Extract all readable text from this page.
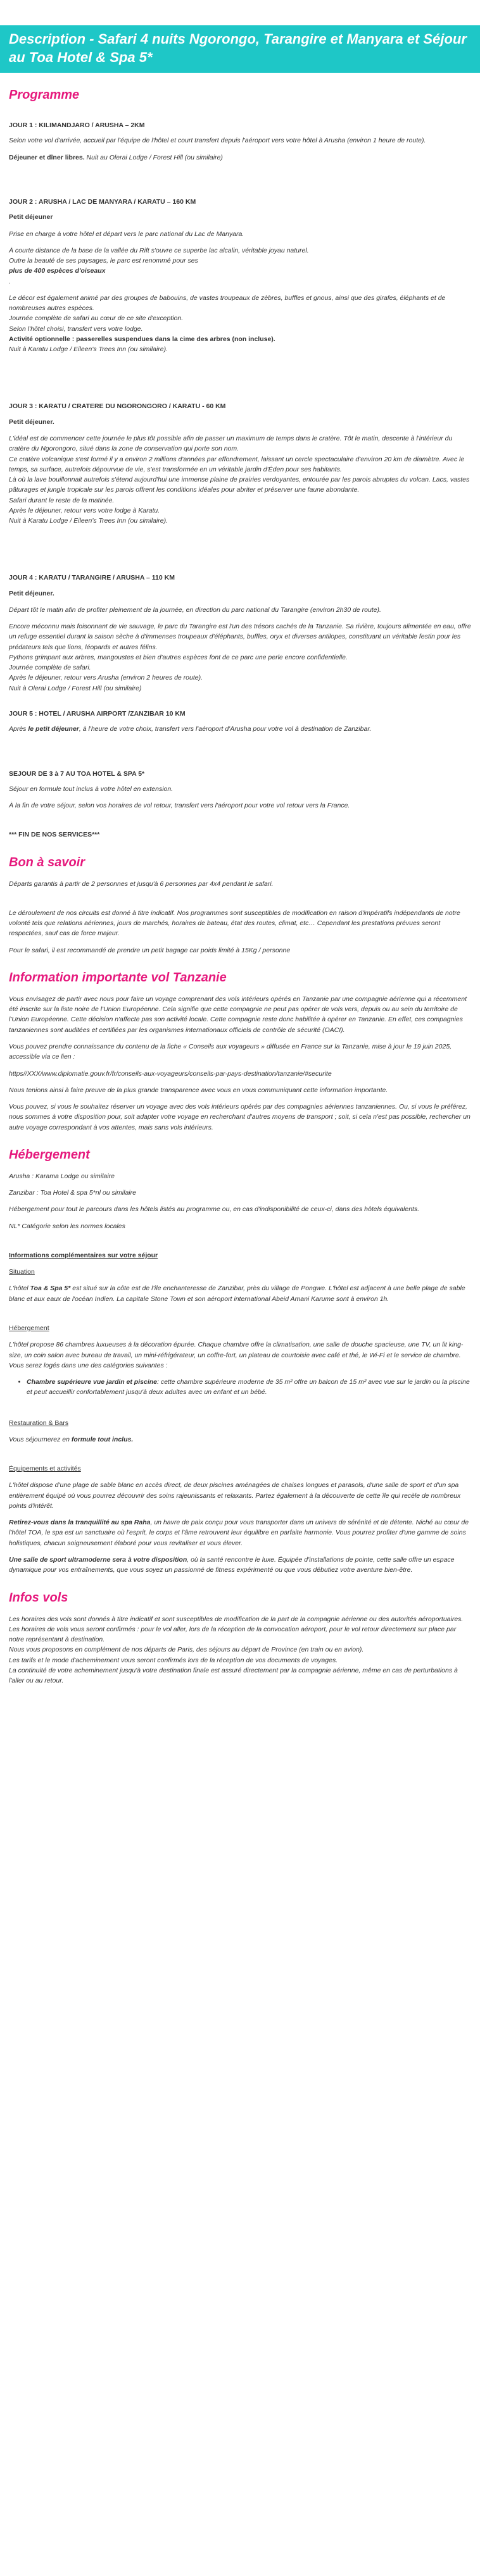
Description - Safari 4 nuits Ngorongo, Tarangire et Manyara et Séjour au Toa Hotel & Spa 5*
Programme

JOUR 1 : KILIMANDJARO / ARUSHA – 2KM

Selon votre vol d'arrivée, accueil par l'équipe de l'hôtel et court transfert depuis l'aéroport vers votre hôtel à Arusha (environ 1 heure de route).

Déjeuner et dîner libres. Nuit au Olerai Lodge / Forest Hill (ou similaire)

JOUR 2 : ARUSHA / LAC DE MANYARA / KARATU – 160 KM

Petit déjeuner

Prise en charge à votre hôtel et départ vers le parc national du Lac de Manyara.

À courte distance de la base de la vallée du Rift s'ouvre ce superbe lac alcalin, véritable joyau naturel.
Outre la beauté de ses paysages, le parc est renommé pour ses
plus de 400 espèces d'oiseaux
.
Le décor est également animé par des groupes de babouins, de vastes troupeaux de zèbres, buffles et gnous, ainsi que des girafes, éléphants et de nombreuses autres espèces.
Journée complète de safari au cœur de ce site d'exception.
Selon l'hôtel choisi, transfert vers votre lodge.
Activité optionnelle : passerelles suspendues dans la cime des arbres (non incluse).
Nuit à Karatu Lodge / Eileen's Trees Inn (ou similaire).

JOUR 3 : KARATU / CRATERE DU NGORONGORO / KARATU - 60 KM

Petit déjeuner.

L'idéal est de commencer cette journée le plus tôt possible afin de passer un maximum de temps dans le cratère. Tôt le matin, descente à l'intérieur du cratère du Ngorongoro, situé dans la zone de conservation qui porte son nom.
Ce cratère volcanique s'est formé il y a environ 2 millions d'années par effondrement, laissant un cercle spectaculaire d'environ 20 km de diamètre. Avec le temps, sa surface, autrefois dépourvue de vie, s'est transformée en un véritable jardin d'Éden pour ses habitants.
Là où la lave bouillonnait autrefois s'étend aujourd'hui une immense plaine de prairies verdoyantes, entourée par les parois abruptes du volcan. Lacs, vastes pâturages et jungle tropicale sur les parois offrent les conditions idéales pour abriter et préserver une faune abondante.
Safari durant le reste de la matinée.
Après le déjeuner, retour vers votre lodge à Karatu.
Nuit à Karatu Lodge / Eileen's Trees Inn (ou similaire).

JOUR 4 : KARATU / TARANGIRE / ARUSHA – 110 KM

Petit déjeuner.

Départ tôt le matin afin de profiter pleinement de la journée, en direction du parc national du Tarangire (environ 2h30 de route).

Encore méconnu mais foisonnant de vie sauvage, le parc du Tarangire est l'un des trésors cachés de la Tanzanie. Sa rivière, toujours alimentée en eau, offre un refuge essentiel durant la saison sèche à d'immenses troupeaux d'éléphants, buffles, oryx et diverses antilopes, constituant un véritable festin pour les prédateurs tels que lions, léopards et autres félins.
Pythons grimpant aux arbres, mangoustes et bien d'autres espèces font de ce parc une perle encore confidentielle.
Journée complète de safari.
Après le déjeuner, retour vers Arusha (environ 2 heures de route).
Nuit à Olerai Lodge / Forest Hill (ou similaire)

JOUR 5 : HOTEL / ARUSHA AIRPORT /ZANZIBAR 10 KM

Après le petit déjeuner, à l'heure de votre choix, transfert vers l'aéroport d'Arusha pour votre vol à destination de Zanzibar.

SEJOUR DE 3 à 7 AU TOA HOTEL & SPA 5*

Séjour en formule tout inclus à votre hôtel en extension.

À la fin de votre séjour, selon vos horaires de vol retour, transfert vers l'aéroport pour votre vol retour vers la France.

*** FIN DE NOS SERVICES***

Bon à savoir

Départs garantis à partir de 2 personnes et jusqu'à 6 personnes par 4x4 pendant le safari.

Le déroulement de nos circuits est donné à titre indicatif. Nos programmes sont susceptibles de modification en raison d'impératifs indépendants de notre volonté tels que relations aériennes, jours de marchés, horaires de bateau, état des routes, climat, etc… Cependant les prestations prévues seront respectées, sauf cas de force majeur.

Pour le safari, il est recommandé de prendre un petit bagage car poids limité à 15Kg / personne

Information importante vol Tanzanie

Vous envisagez de partir avec nous pour faire un voyage comprenant des vols intérieurs opérés en Tanzanie par une compagnie aérienne qui a récemment été inscrite sur la liste noire de l'Union Européenne. Cela signifie que cette compagnie ne peut pas opérer de vols vers, depuis ou au sein du territoire de l'Union Européenne. Cette décision n'affecte pas son activité locale. Cette compagnie reste donc habilitée à opérer en Tanzanie. En effet, ces compagnies tanzaniennes sont auditées et certifiées par les organismes internationaux officiels de contrôle de sécurité (OACI).

Vous pouvez prendre connaissance du contenu de la fiche « Conseils aux voyageurs » diffusée en France sur la Tanzanie, mise à jour le 19 juin 2025, accessible via ce lien :

https//XXX/www.diplomatie.gouv.fr/fr/conseils-aux-voyageurs/conseils-par-pays-destination/tanzanie/#securite

Nous tenions ainsi à faire preuve de la plus grande transparence avec vous en vous communiquant cette information importante.

Vous pouvez, si vous le souhaitez réserver un voyage avec des vols intérieurs opérés par des compagnies aériennes tanzaniennes. Ou, si vous le préférez, nous sommes à votre disposition pour, soit adapter votre voyage en recherchant d'autres moyens de transport ; soit, si cela n'est pas possible, rechercher un autre voyage correspondant à vos attentes, mais sans vols intérieurs.

Hébergement

Arusha : Karama Lodge ou similaire

Zanzibar : Toa Hotel & spa 5*nl ou similaire

Hébergement pour tout le parcours dans les hôtels listés au programme ou, en cas d'indisponibilité de ceux-ci, dans des hôtels équivalents.

NL* Catégorie selon les normes locales

Informations complémentaires sur votre séjour

Situation

L'hôtel Toa & Spa 5* est situé sur la côte est de l'île enchanteresse de Zanzibar, près du village de Pongwe. L'hôtel est adjacent à une belle plage de sable blanc et aux eaux de l'océan Indien. La capitale Stone Town et son aéroport international Abeid Amani Karume sont à environ 1h.

Hébergement

L'hôtel propose 86 chambres luxueuses à la décoration épurée. Chaque chambre offre la climatisation, une salle de douche spacieuse, une TV, un lit king-size, un coin salon avec bureau de travail, un mini-réfrigérateur, un coffre-fort, un plateau de courtoisie avec café et thé, le Wi-Fi et le service de chambre. Vous serez logés dans une des catégories suivantes :

• Chambre supérieure vue jardin et piscine: cette chambre supérieure moderne de 35 m² offre un balcon de 15 m² avec vue sur le jardin ou la piscine et peut accueillir confortablement jusqu'à deux adultes avec un enfant et un bébé.

Restauration & Bars

Vous séjournerez en formule tout inclus.

Équipements et activités

L'hôtel dispose d'une plage de sable blanc en accès direct, de deux piscines aménagées de chaises longues et parasols, d'une salle de sport et d'un spa entièrement équipé où vous pourrez découvrir des soins rajeunissants et relaxants. Partez également à la découverte de cette île qui recèle de nombreux points d'intérêt.

Retirez-vous dans la tranquillité au spa Raha, un havre de paix conçu pour vous transporter dans un univers de sérénité et de détente. Niché au cœur de l'hôtel TOA, le spa est un sanctuaire où l'esprit, le corps et l'âme retrouvent leur équilibre en parfaite harmonie. Vous pourrez profiter d'une gamme de soins holistiques, chacun soigneusement élaboré pour vous revitaliser et vous élever.

Une salle de sport ultramoderne sera à votre disposition, où la santé rencontre le luxe. Équipée d'installations de pointe, cette salle offre un espace dynamique pour vos entraînements, que vous soyez un passionné de fitness expérimenté ou que vous débutiez votre aventure bien-être.

Infos vols
Les horaires des vols sont donnés à titre indicatif et sont susceptibles de modification de la part de la compagnie aérienne ou des autorités aéroportuaires.
Les horaires de vols vous seront confirmés : pour le vol aller, lors de la réception de la convocation aéroport, pour le vol retour directement sur place par notre représentant à destination.
Nous vous proposons en complément de nos départs de Paris, des séjours au départ de Province (en train ou en avion).
Les tarifs et le mode d'acheminement vous seront confirmés lors de la réception de vos documents de voyages.
La continuité de votre acheminement jusqu'à votre destination finale est assuré directement par la compagnie aérienne, même en cas de perturbations à l'aller ou au retour.
